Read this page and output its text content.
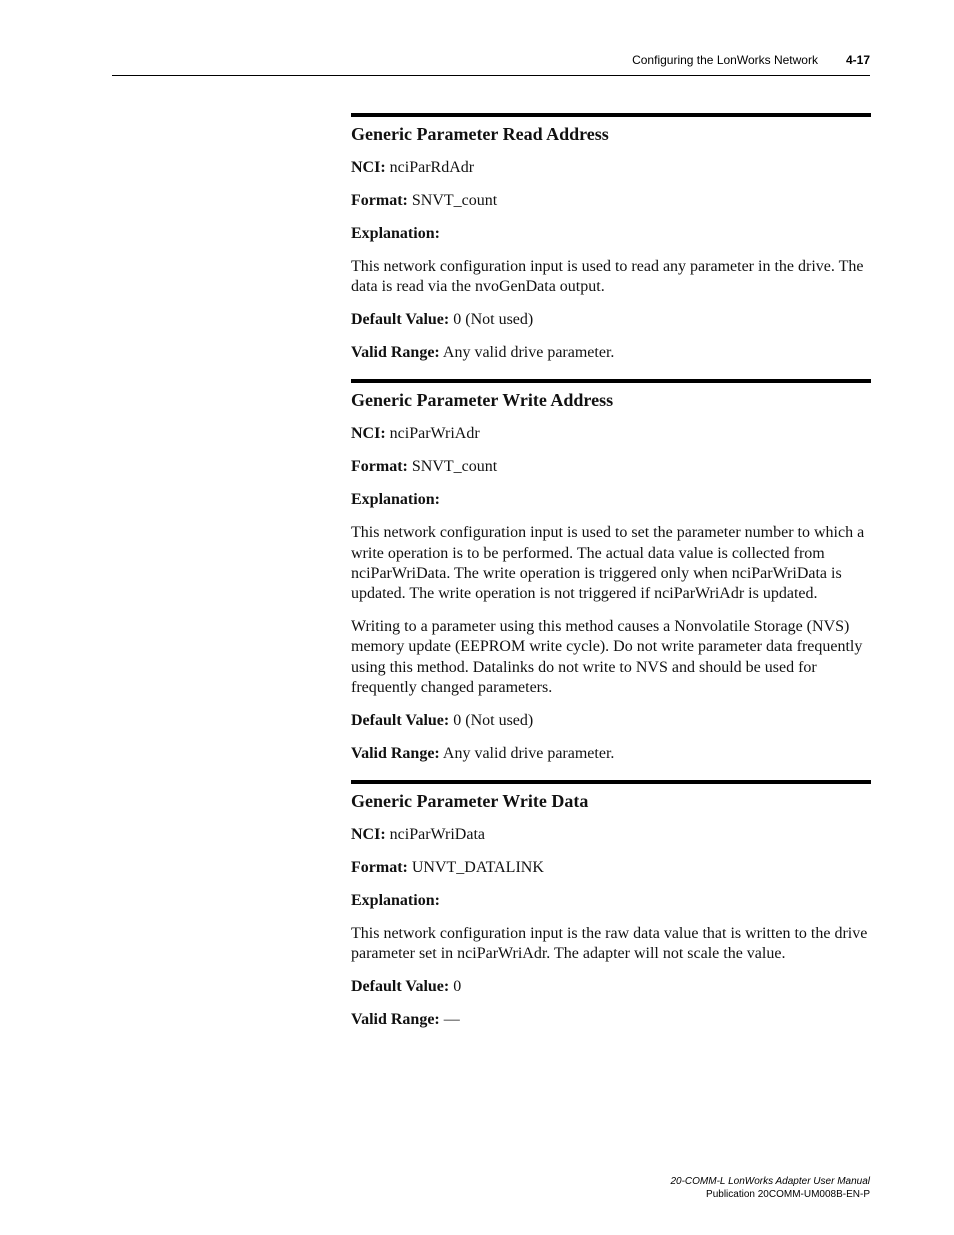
Configuring the LonWorks Network 4-17
Generic Parameter Read Address

NCI: nciParRdAdr

Format: SNVT_count

Explanation:

This network configuration input is used to read any parameter in the drive. The data is read via the nvoGenData output.

Default Value: 0 (Not used)

Valid Range: Any valid drive parameter.

Generic Parameter Write Address

NCI: nciParWriAdr

Format: SNVT_count

Explanation:

This network configuration input is used to set the parameter number to which a write operation is to be performed. The actual data value is collected from nciParWriData. The write operation is triggered only when nciParWriData is updated. The write operation is not triggered if nciParWriAdr is updated.

Writing to a parameter using this method causes a Nonvolatile Storage (NVS) memory update (EEPROM write cycle). Do not write parameter data frequently using this method. Datalinks do not write to NVS and should be used for frequently changed parameters.

Default Value: 0 (Not used)

Valid Range: Any valid drive parameter.

Generic Parameter Write Data

NCI: nciParWriData

Format: UNVT_DATALINK

Explanation:

This network configuration input is the raw data value that is written to the drive parameter set in nciParWriAdr. The adapter will not scale the value.

Default Value: 0

Valid Range: —

20-COMM-L LonWorks Adapter User Manual
Publication 20COMM-UM008B-EN-P
